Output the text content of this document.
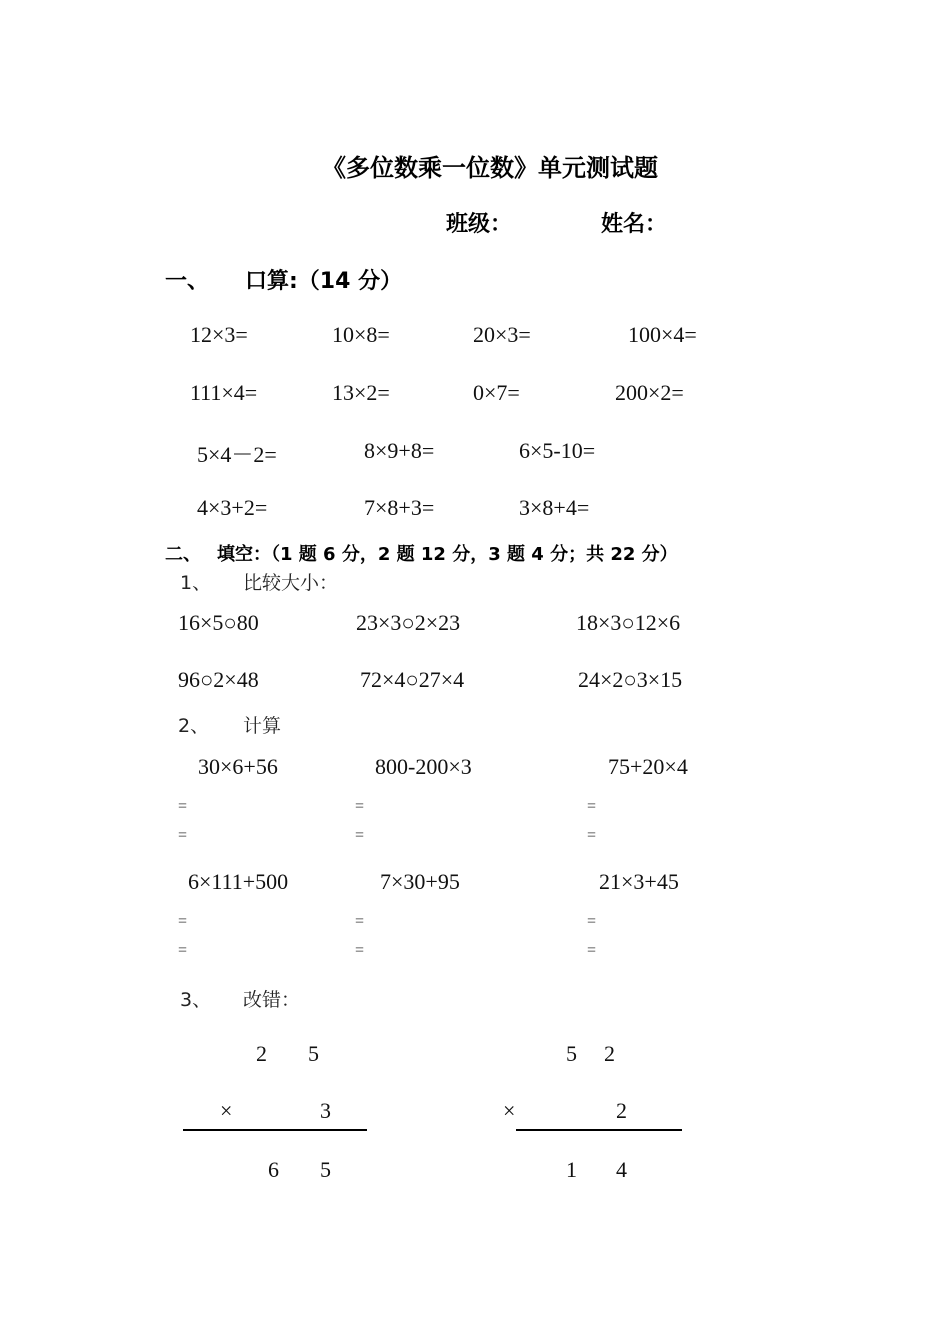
《多位数乘一位数》单元测试题
班级：	姓名：
一、 口算:（14 分）
12×3=	10×8=	20×3=	100×4=
111×4=	13×2=	0×7=	200×2=
5×4－2=	8×9+8=	6×5-10=
4×3+2=	7×8+3=	3×8+4=
二、 填空：（1 题 6 分，2 题 12 分，3 题 4 分；共 22 分）
1、 比较大小：
16×5○80	23×3○2×23	18×3○12×6
96○2×48	72×4○27×4	24×2○3×15
2、 计算
30×6+56	800-200×3	75+20×4
=	=	=
=	=	=
6×111+500	7×30+95	21×3+45
=	=	=
=	=	=
3、 改错：
2 5
×	3
6 5
5 2
×	2
1 4
